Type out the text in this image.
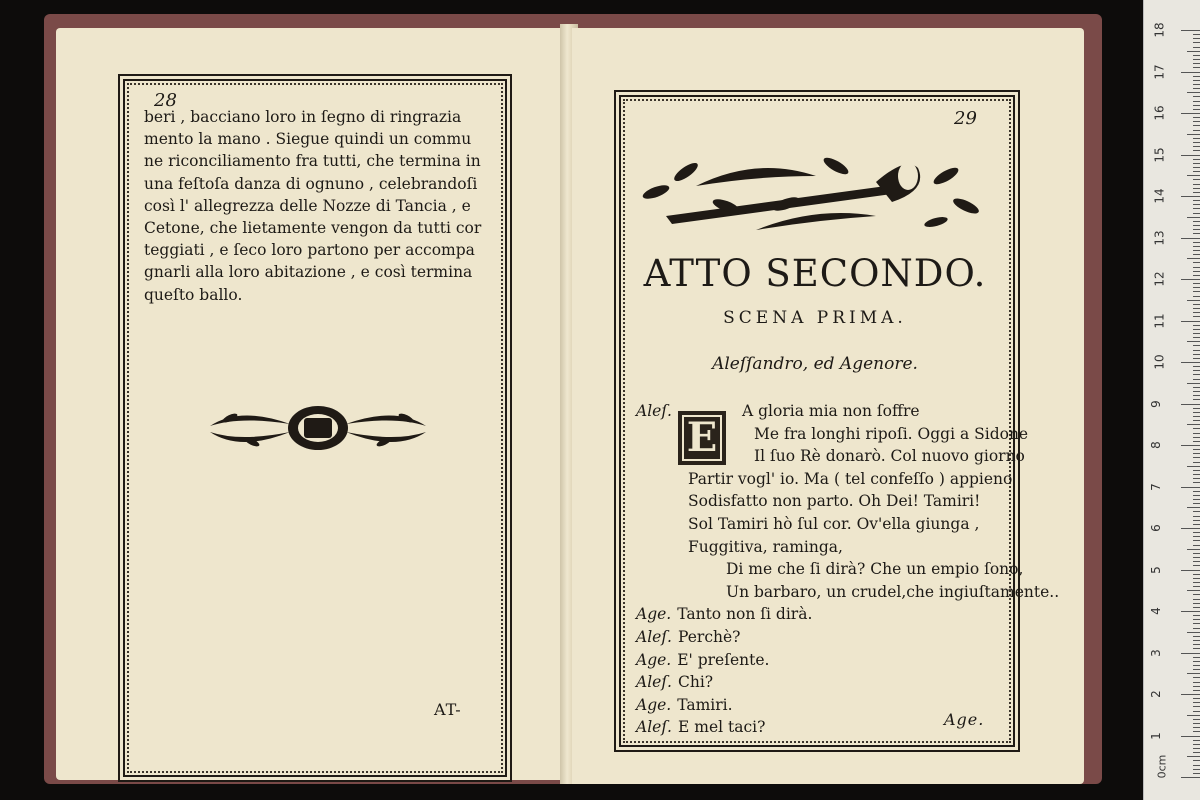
28
beri , bacciano loro in ſegno di ringrazia
mento la mano . Siegue quindi un commu
ne riconciliamento fra tutti, che termina in
una feſtoſa danza di ognuno , celebrandoſi
così l' allegrezza delle Nozze di Tancia , e
Cetone, che lietamente vengon da tutti cor
teggiati , e ſeco loro partono per accompa
gnarli alla loro abitazione , e così termina
queſto ballo.
AT-
29
ATTO SECONDO.
SCENA PRIMA.
Aleſſandro, ed Agenore.
E
Aleſ.	A gloria mia non ſoffre
Me fra longhi ripoſi. Oggi a Sidone
Il ſuo Rè donarò. Col nuovo giorno
Partir vogl' io. Ma ( tel confeſſo ) appieno
Sodisfatto non parto. Oh Dei! Tamiri!
Sol Tamiri hò ſul cor. Ov'ella giunga ,
Fuggitiva, raminga,
Di me che ſi dirà? Che un empio ſono,
Un barbaro, un crudel,che ingiuſtamente..
Age. Tanto non ſi dirà.
Aleſ. Perchè?
Age. E' preſente.
Aleſ. Chi?
Age. Tamiri.
Aleſ. E mel taci?	Age.
0cm
18
17
16
15
14
13
12
11
10
9
8
7
6
5
4
3
2
1
